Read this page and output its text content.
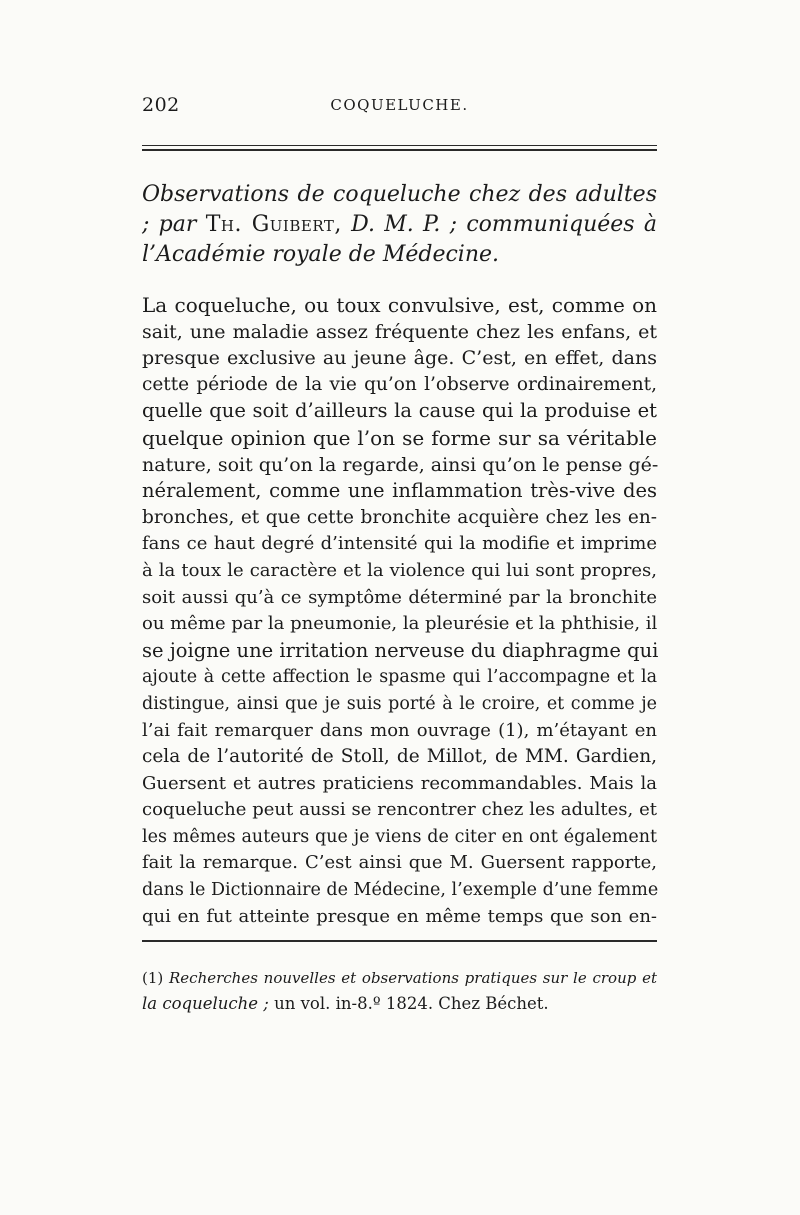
202	COQUELUCHE.

Observations de coqueluche chez des adultes ; par Th. Guibert, D. M. P. ; communiquées à l’Académie royale de Médecine.

La coqueluche, ou toux convulsive, est, comme on
sait, une maladie assez fréquente chez les enfans, et
presque exclusive au jeune âge. C’est, en effet, dans
cette période de la vie qu’on l’observe ordinairement,
quelle que soit d’ailleurs la cause qui la produise et
quelque opinion que l’on se forme sur sa véritable
nature, soit qu’on la regarde, ainsi qu’on le pense gé-
néralement, comme une inflammation très-vive des
bronches, et que cette bronchite acquière chez les en-
fans ce haut degré d’intensité qui la modifie et imprime
à la toux le caractère et la violence qui lui sont propres,
soit aussi qu’à ce symptôme déterminé par la bronchite
ou même par la pneumonie, la pleurésie et la phthisie, il
se joigne une irritation nerveuse du diaphragme qui
ajoute à cette affection le spasme qui l’accompagne et la
distingue, ainsi que je suis porté à le croire, et comme je
l’ai fait remarquer dans mon ouvrage (1), m’étayant en
cela de l’autorité de Stoll, de Millot, de MM. Gardien,
Guersent et autres praticiens recommandables. Mais la
coqueluche peut aussi se rencontrer chez les adultes, et
les mêmes auteurs que je viens de citer en ont également
fait la remarque. C’est ainsi que M. Guersent rapporte,
dans le Dictionnaire de Médecine, l’exemple d’une femme
qui en fut atteinte presque en même temps que son en-
(1) Recherches nouvelles et observations pratiques sur le croup et
la coqueluche ; un vol. in-8.º 1824. Chez Béchet.
